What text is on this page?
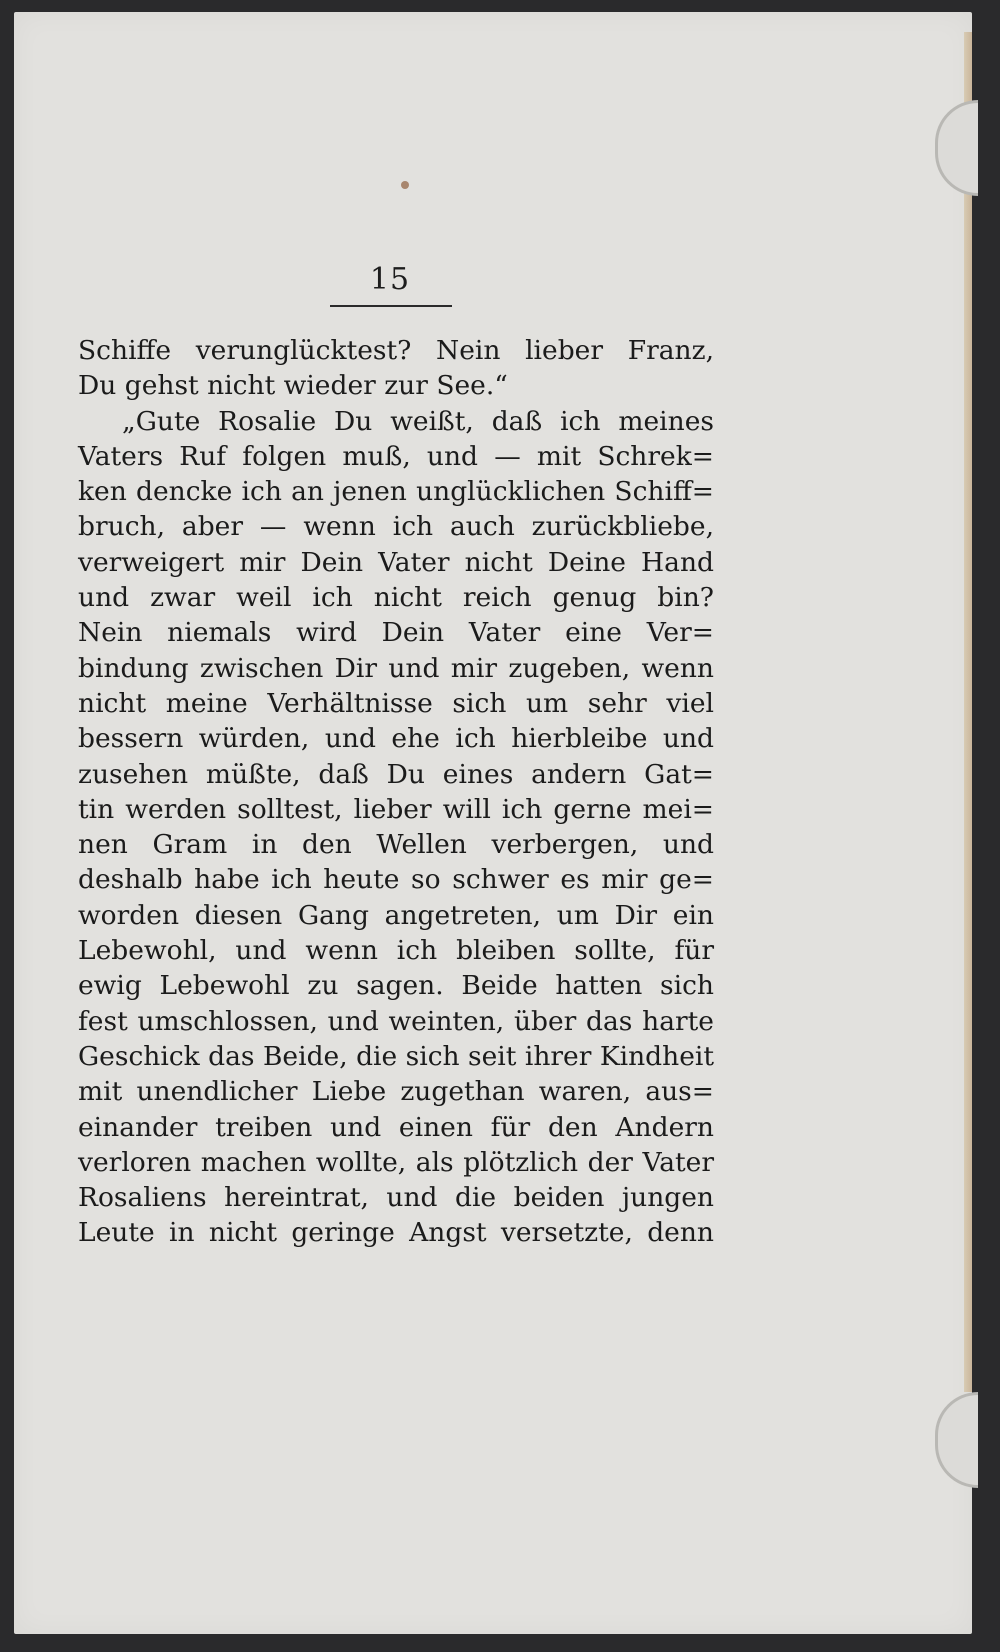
15
Schiffe verunglücktest? Nein lieber Franz,
Du gehst nicht wieder zur See.“
„Gute Rosalie Du weißt, daß ich meines
Vaters Ruf folgen muß, und — mit Schrek=
ken dencke ich an jenen unglücklichen Schiff=
bruch, aber — wenn ich auch zurückbliebe,
verweigert mir Dein Vater nicht Deine Hand
und zwar weil ich nicht reich genug bin?
Nein niemals wird Dein Vater eine Ver=
bindung zwischen Dir und mir zugeben, wenn
nicht meine Verhältnisse sich um sehr viel
bessern würden, und ehe ich hierbleibe und
zusehen müßte, daß Du eines andern Gat=
tin werden solltest, lieber will ich gerne mei=
nen Gram in den Wellen verbergen, und
deshalb habe ich heute so schwer es mir ge=
worden diesen Gang angetreten, um Dir ein
Lebewohl, und wenn ich bleiben sollte, für
ewig Lebewohl zu sagen. Beide hatten sich
fest umschlossen, und weinten, über das harte
Geschick das Beide, die sich seit ihrer Kindheit
mit unendlicher Liebe zugethan waren, aus=
einander treiben und einen für den Andern
verloren machen wollte, als plötzlich der Vater
Rosaliens hereintrat, und die beiden jungen
Leute in nicht geringe Angst versetzte, denn
